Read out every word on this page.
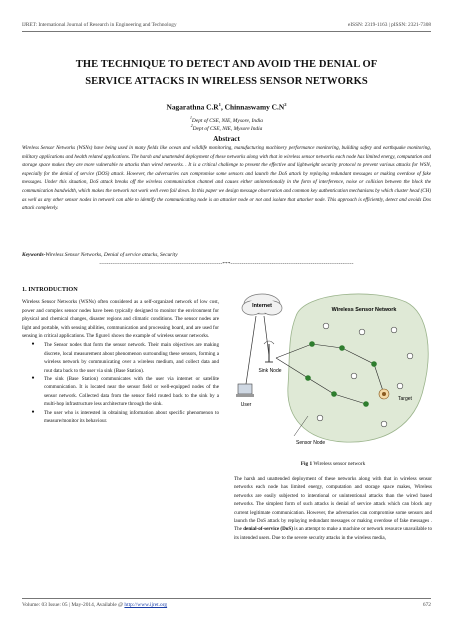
IJRET: International Journal of Research in Engineering and Technology	eISSN: 2319-1163 | pISSN: 2321-7308
THE TECHNIQUE TO DETECT AND AVOID THE DENIAL OF
SERVICE ATTACKS IN WIRELESS SENSOR NETWORKS
Nagarathna $C.R^1$, Chinnaswamy $C.N^2$
$^1$Dept of CSE, NIE, Mysore, India
$^2$Dept of CSE, NIE, Mysore India
Abstract
Wireless Sensor Networks (WSNs) have being used in many fields like ocean and wildlife monitoring, manufacturing machinery performance monitoring, building safety and earthquake monitoring, military applications and health related applications. The harsh and unattended deployment of these networks along with that in wireless sensor networks each node has limited energy, computation and storage space makes they are more vulnerable to attacks than wired networks. . It is a critical challenge to present the effective and lightweight security protocol to prevent various attacks for WSN, especially for the denial of service (DOS) attack. However, the adversaries can compromise some sensors and launch the DoS attack by replaying redundant messages or making overdose of fake messages. Under this situation, DoS attack breaks off the wireless communication channel and causes either unintentionally in the form of interference, noise or collision between the block the communication bandwidth, which makes the network not work well even fail down. In this paper we design message observation and common key authentication mechanisms by which cluster head (CH) as well as any other sensor nodes in network can able to identify the communicating node is an attacker node or not and isolate that attacker node. This approach is efficiently, detect and avoids Dos attack completely.
Keywords-Wireless Sensor Networks, Denial of service attacks, Security
------------------------------------------------------------------***------------------------------------------------------------------
1. INTRODUCTION
Wireless Sensor Networks (WSNs) often considered as a self-organized network of low cost, power and complex sensor nodes have been typically designed to monitor the environment for physical and chemical changes, disaster regions and climatic conditions. The sensor nodes are light and portable, with sensing abilities, communication and processing board, and are used for sensing in critical applications. The figure1 shows the example of wireless sensor networks.
●	The Sensor nodes that form the sensor network. Their main objectives are making discrete, local measurement about phenomenon surrounding these sensors, forming a wireless network by communicating over a wireless medium, and collect data and rout data back to the user via sink (Base Station).
●	The sink (Base Station) communicates with the user via internet or satellite communication. It is located near the sensor field or well-equipped nodes of the sensor network. Collected data from the sensor field routed back to the sink by a multi-hop infrastructure less architecture through the sink.
●	The user who is interested in obtaining information about specific phenomenon to measure/monitor its behaviour.
Internet
Sink Node
User
Wireless Sensor Network
Target
Sensor Node
Fig 1 Wireless sensor network
The harsh and unattended deployment of these networks along with that in wireless sensor networks each node has limited energy, computation and storage space makes, Wireless networks are easily subjected to intentional or unintentional attacks than the wired based networks. The simplest form of such attacks is denial of service attack which can block any current legitimate communication. However, the adversaries can compromise some sensors and launch the DoS attack by replaying redundant messages or making overdose of fake messages . The denial-of-service (DoS) is an attempt to make a machine or network resource unavailable to its intended users. Due to the severe security attacks in the wireless media,
Volume: 03 Issue: 05 | May-2014, Available @ http://www.ijret.org	672
